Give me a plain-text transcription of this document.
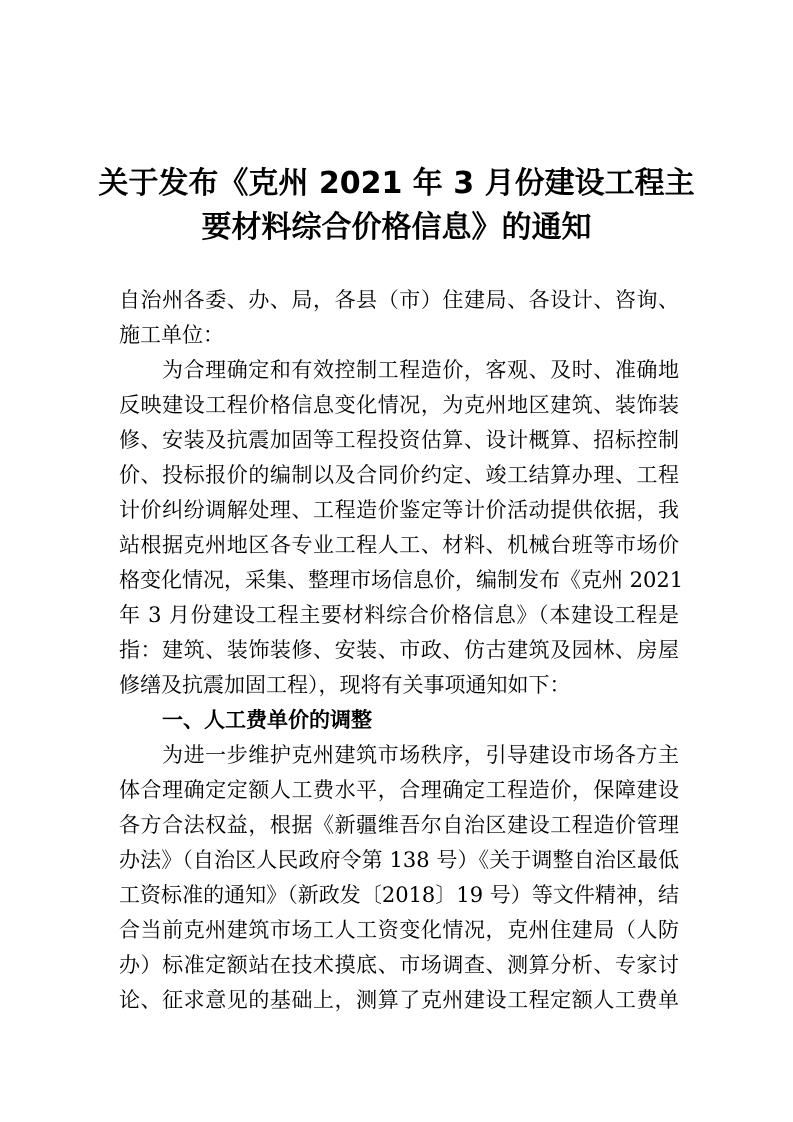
关于发布《克州 2021 年 3 月份建设工程主
要材料综合价格信息》的通知
自治州各委、办、局，各县（市）住建局、各设计、咨询、
施工单位：
为合理确定和有效控制工程造价，客观、及时、准确地
反映建设工程价格信息变化情况，为克州地区建筑、装饰装
修、安装及抗震加固等工程投资估算、设计概算、招标控制
价、投标报价的编制以及合同价约定、竣工结算办理、工程
计价纠纷调解处理、工程造价鉴定等计价活动提供依据，我
站根据克州地区各专业工程人工、材料、机械台班等市场价
格变化情况，采集、整理市场信息价，编制发布《克州 2021
年 3 月份建设工程主要材料综合价格信息》（本建设工程是
指：建筑、装饰装修、安装、市政、仿古建筑及园林、房屋
修缮及抗震加固工程），现将有关事项通知如下：
一、人工费单价的调整
为进一步维护克州建筑市场秩序，引导建设市场各方主
体合理确定定额人工费水平，合理确定工程造价，保障建设
各方合法权益，根据《新疆维吾尔自治区建设工程造价管理
办法》（自治区人民政府令第 138 号）《关于调整自治区最低
工资标准的通知》（新政发〔2018〕19 号）等文件精神，结
合当前克州建筑市场工人工资变化情况，克州住建局（人防
办）标准定额站在技术摸底、市场调查、测算分析、专家讨
论、征求意见的基础上，测算了克州建设工程定额人工费单
